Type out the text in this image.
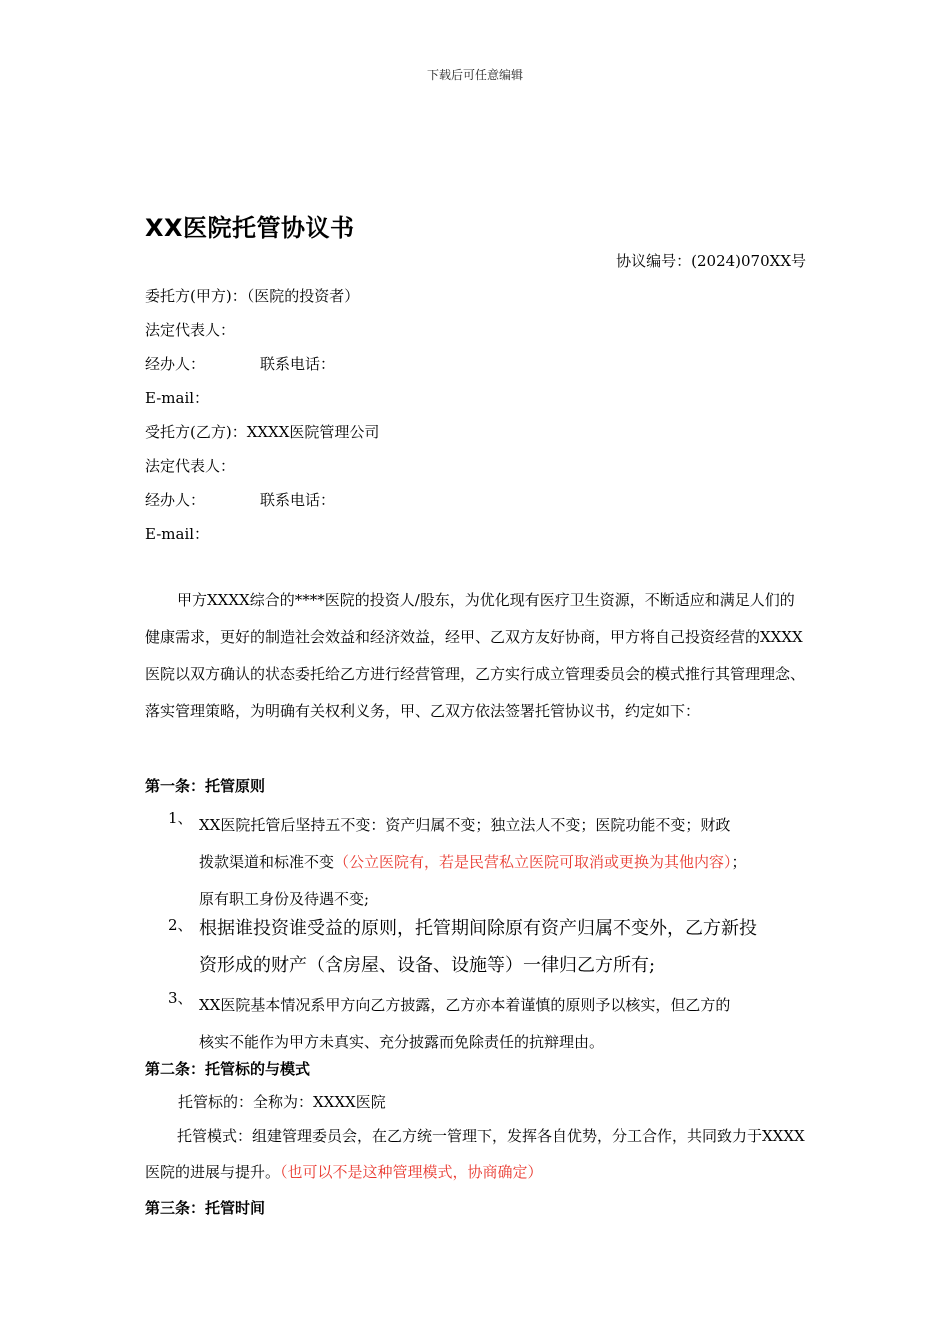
下载后可任意编辑
XX医院托管协议书
协议编号：(2024)070XX号
委托方(甲方)：（医院的投资者）
法定代表人：
经办人：	联系电话：
E-mail：
受托方(乙方)：XXXX医院管理公司
法定代表人：
经办人：	联系电话：
E-mail：
甲方XXXX综合的****医院的投资人/股东，为优化现有医疗卫生资源，不断适应和满足人们的健康需求，更好的制造社会效益和经济效益，经甲、乙双方友好协商，甲方将自己投资经营的XXXX医院以双方确认的状态委托给乙方进行经营管理，乙方实行成立管理委员会的模式推行其管理理念、落实管理策略，为明确有关权利义务，甲、乙双方依法签署托管协议书，约定如下：
第一条：托管原则
1、 XX医院托管后坚持五不变：资产归属不变；独立法人不变；医院功能不变；财政
拨款渠道和标准不变（公立医院有，若是民营私立医院可取消或更换为其他内容）；
原有职工身份及待遇不变;
2、 根据谁投资谁受益的原则，托管期间除原有资产归属不变外，乙方新投
资形成的财产（含房屋、设备、设施等）一律归乙方所有;
3、 XX医院基本情况系甲方向乙方披露，乙方亦本着谨慎的原则予以核实，但乙方的
核实不能作为甲方未真实、充分披露而免除责任的抗辩理由。
第二条：托管标的与模式
托管标的：全称为：XXXX医院
托管模式：组建管理委员会，在乙方统一管理下，发挥各自优势，分工合作，共同致力于XXXX医院的进展与提升。（也可以不是这种管理模式，协商确定）
第三条：托管时间
